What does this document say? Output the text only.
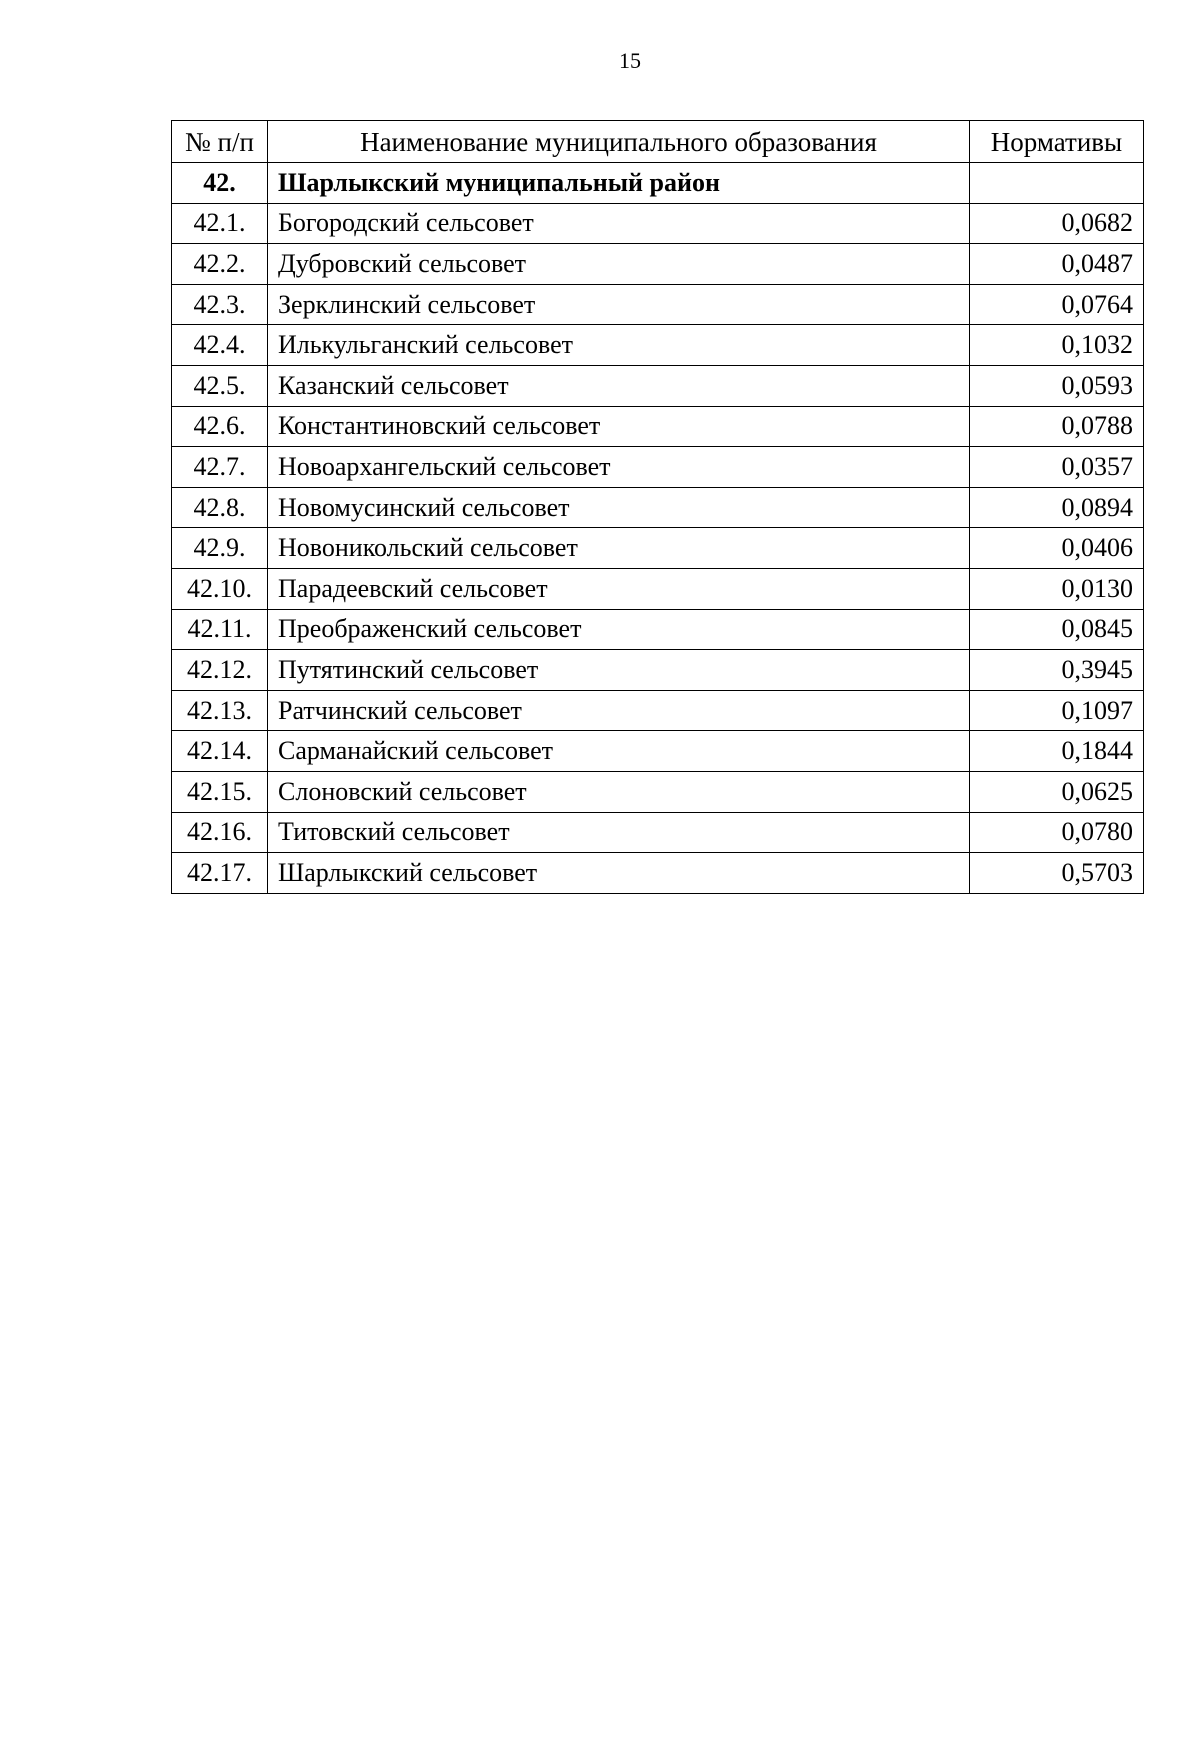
15
№ п/п	Наименование муниципального образования	Нормативы
42.	Шарлыкский муниципальный район	
42.1.	Богородский сельсовет	0,0682
42.2.	Дубровский сельсовет	0,0487
42.3.	Зерклинский сельсовет	0,0764
42.4.	Илькульганский сельсовет	0,1032
42.5.	Казанский сельсовет	0,0593
42.6.	Константиновский сельсовет	0,0788
42.7.	Новоархангельский сельсовет	0,0357
42.8.	Новомусинский сельсовет	0,0894
42.9.	Новоникольский сельсовет	0,0406
42.10.	Парадеевский сельсовет	0,0130
42.11.	Преображенский сельсовет	0,0845
42.12.	Путятинский сельсовет	0,3945
42.13.	Ратчинский сельсовет	0,1097
42.14.	Сарманайский сельсовет	0,1844
42.15.	Слоновский сельсовет	0,0625
42.16.	Титовский сельсовет	0,0780
42.17.	Шарлыкский сельсовет	0,5703
